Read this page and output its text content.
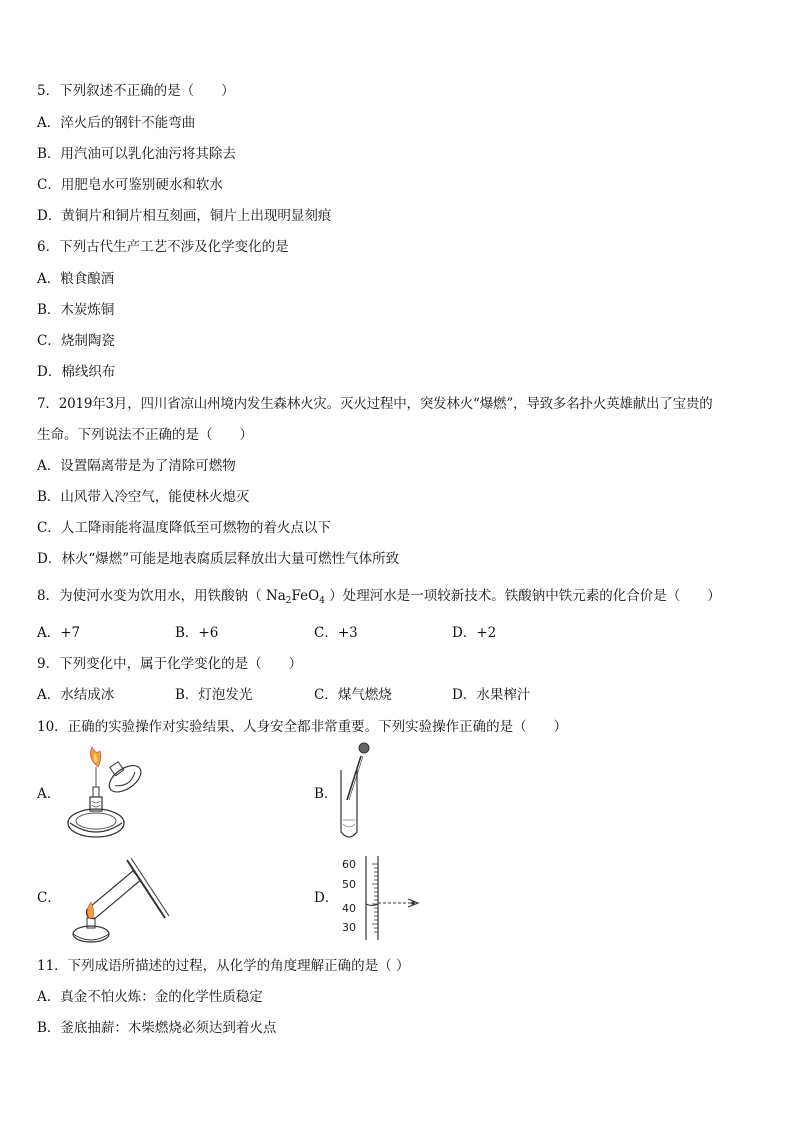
5．下列叙述不正确的是（　　）
A．淬火后的钢针不能弯曲
B．用汽油可以乳化油污将其除去
C．用肥皂水可鉴别硬水和软水
D．黄铜片和铜片相互刻画，铜片上出现明显刻痕
6．下列古代生产工艺不涉及化学变化的是
A．粮食酿酒
B．木炭炼铜
C．烧制陶瓷
D．棉线织布
7．2019年3月，四川省凉山州境内发生森林火灾。灭火过程中，突发林火“爆燃”，导致多名扑火英雄献出了宝贵的
生命。下列说法不正确的是（　　）
A．设置隔离带是为了清除可燃物
B．山风带入冷空气，能使林火熄灭
C．人工降雨能将温度降低至可燃物的着火点以下
D．林火“爆燃”可能是地表腐质层释放出大量可燃性气体所致
8．为使河水变为饮用水，用铁酸钠（ $Na_2FeO_4$ ）处理河水是一项较新技术。铁酸钠中铁元素的化合价是（　　）
A．+7	B．+6	C．+3	D．+2
9．下列变化中，属于化学变化的是（　　）
A．水结成冰	B．灯泡发光	C．煤气燃烧	D．水果榨汁
10．正确的实验操作对实验结果、人身安全都非常重要。下列实验操作正确的是（　　）
A．	B．
C．	D．
60
50
40
30
11．下列成语所描述的过程，从化学的角度理解正确的是（ ）
A．真金不怕火炼：金的化学性质稳定
B．釜底抽薪：木柴燃烧必须达到着火点
